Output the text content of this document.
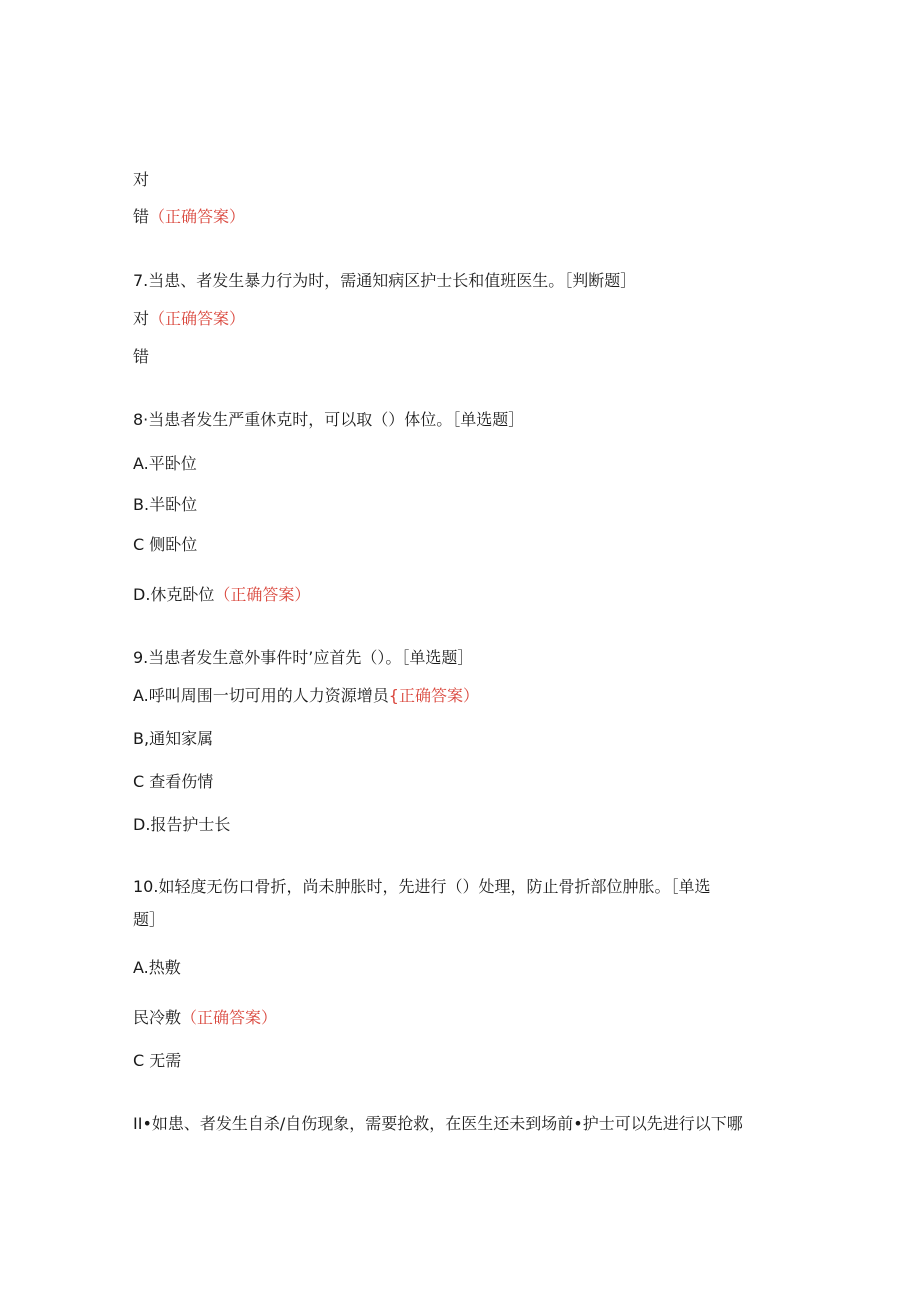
对
错（正确答案）
7.当患、者发生暴力行为时，需通知病区护士长和值班医生。［判断题］
对（正确答案）
错
8·当患者发生严重休克时，可以取（）体位。［单选题］
A.平卧位
B.半卧位
C 侧卧位
D.休克卧位（正确答案）
9.当患者发生意外事件时’应首先（）。［单选题］
A.呼叫周围一切可用的人力资源增员{正确答案）
B,通知家属
C 查看伤情
D.报告护士长
10.如轻度无伤口骨折，尚未肿胀时，先进行（）处理，防止骨折部位肿胀。［单选
题］
A.热敷
民冷敷（正确答案）
C 无需
II•如患、者发生自杀/自伤现象，需要抢救，在医生还未到场前•护士可以先进行以下哪
